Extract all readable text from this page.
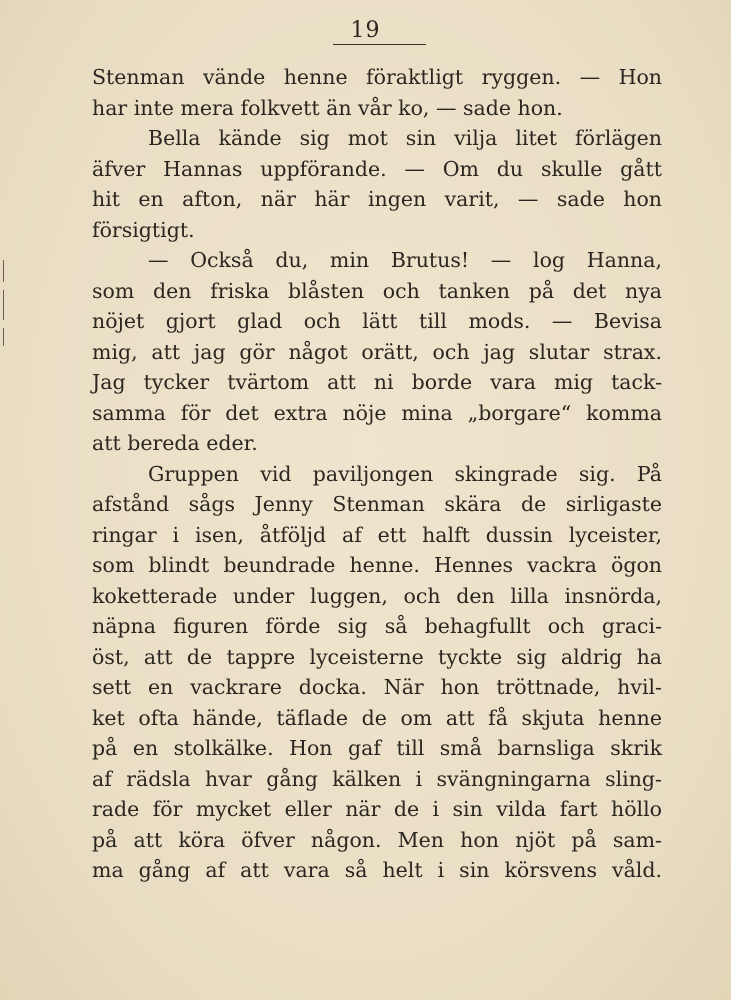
19
Stenman vände henne föraktligt ryggen. — Hon
har inte mera folkvett än vår ko, — sade hon.
Bella kände sig mot sin vilja litet förlägen
äfver Hannas uppförande. — Om du skulle gått
hit en afton, när här ingen varit, — sade hon
försigtigt.
— Också du, min Brutus! — log Hanna,
som den friska blåsten och tanken på det nya
nöjet gjort glad och lätt till mods. — Bevisa
mig, att jag gör något orätt, och jag slutar strax.
Jag tycker tvärtom att ni borde vara mig tack-
samma för det extra nöje mina „borgare“ komma
att bereda eder.
Gruppen vid paviljongen skingrade sig. På
afstånd sågs Jenny Stenman skära de sirligaste
ringar i isen, åtföljd af ett halft dussin lyceister,
som blindt beundrade henne. Hennes vackra ögon
koketterade under luggen, och den lilla insnörda,
näpna figuren förde sig så behagfullt och graci-
öst, att de tappre lyceisterne tyckte sig aldrig ha
sett en vackrare docka. När hon tröttnade, hvil-
ket ofta hände, täflade de om att få skjuta henne
på en stolkälke. Hon gaf till små barnsliga skrik
af rädsla hvar gång kälken i svängningarna sling-
rade för mycket eller när de i sin vilda fart höllo
på att köra öfver någon. Men hon njöt på sam-
ma gång af att vara så helt i sin körsvens våld.
